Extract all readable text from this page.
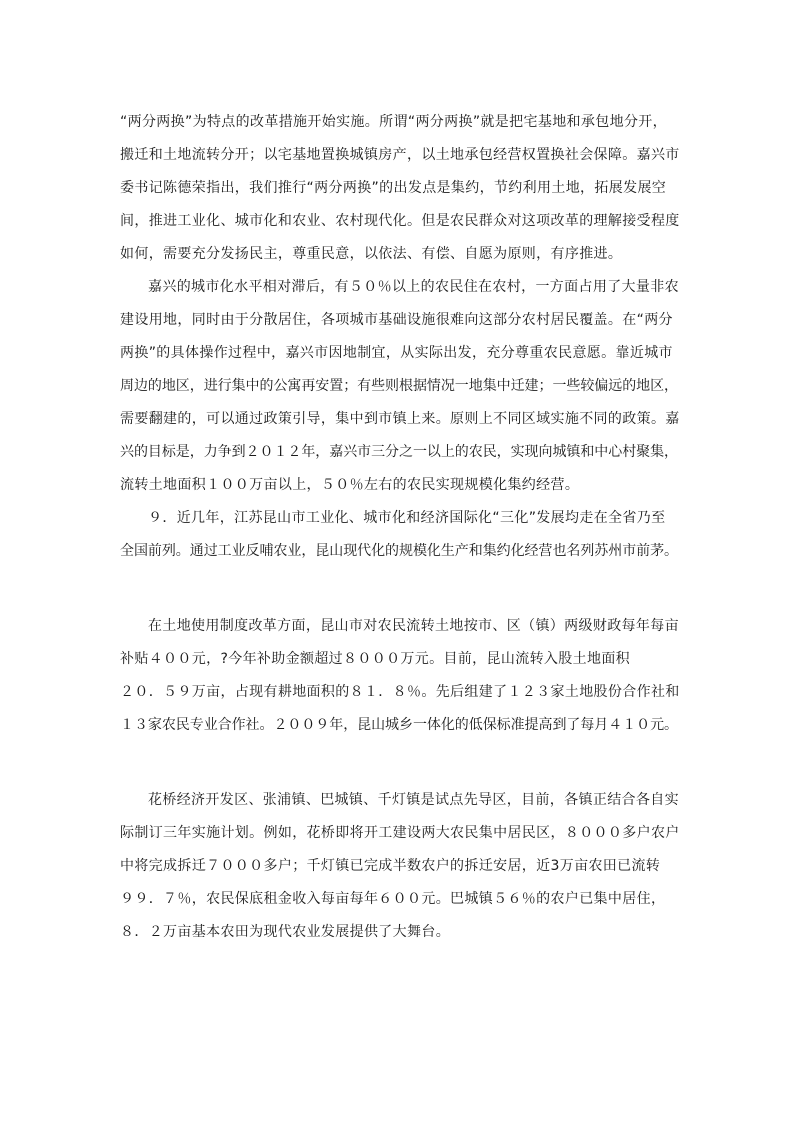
“两分两换”为特点的改革措施开始实施。所谓“两分两换”就是把宅基地和承包地分开，
搬迁和土地流转分开；以宅基地置换城镇房产，以土地承包经营权置换社会保障。嘉兴市
委书记陈德荣指出，我们推行“两分两换”的出发点是集约，节约利用土地，拓展发展空
间，推进工业化、城市化和农业、农村现代化。但是农民群众对这项改革的理解接受程度
如何，需要充分发扬民主，尊重民意，以依法、有偿、自愿为原则，有序推进。
嘉兴的城市化水平相对滞后，有５０％以上的农民住在农村，一方面占用了大量非农
建设用地，同时由于分散居住，各项城市基础设施很难向这部分农村居民覆盖。在“两分
两换”的具体操作过程中，嘉兴市因地制宜，从实际出发，充分尊重农民意愿。靠近城市
周边的地区，进行集中的公寓再安置；有些则根据情况一地集中迁建；一些较偏远的地区，
需要翻建的，可以通过政策引导，集中到市镇上来。原则上不同区域实施不同的政策。嘉
兴的目标是，力争到２０１２年，嘉兴市三分之一以上的农民，实现向城镇和中心村聚集，
流转土地面积１００万亩以上，５０％左右的农民实现规模化集约经营。
９．近几年，江苏昆山市工业化、城市化和经济国际化“三化”发展均走在全省乃至
全国前列。通过工业反哺农业，昆山现代化的规模化生产和集约化经营也名列苏州市前茅。
在土地使用制度改革方面，昆山市对农民流转土地按市、区（镇）两级财政每年每亩
补贴４００元，?今年补助金额超过８０００万元。目前，昆山流转入股土地面积
２０．５９万亩，占现有耕地面积的８１．８％。先后组建了１２３家土地股份合作社和
１３家农民专业合作社。２００９年，昆山城乡一体化的低保标准提高到了每月４１０元。
花桥经济开发区、张浦镇、巴城镇、千灯镇是试点先导区，目前，各镇正结合各自实
际制订三年实施计划。例如，花桥即将开工建设两大农民集中居民区，８０００多户农户
中将完成拆迁７０００多户；千灯镇已完成半数农户的拆迁安居，近3万亩农田已流转
９９．７％，农民保底租金收入每亩每年６００元。巴城镇５６％的农户已集中居住，
８．２万亩基本农田为现代农业发展提供了大舞台。
